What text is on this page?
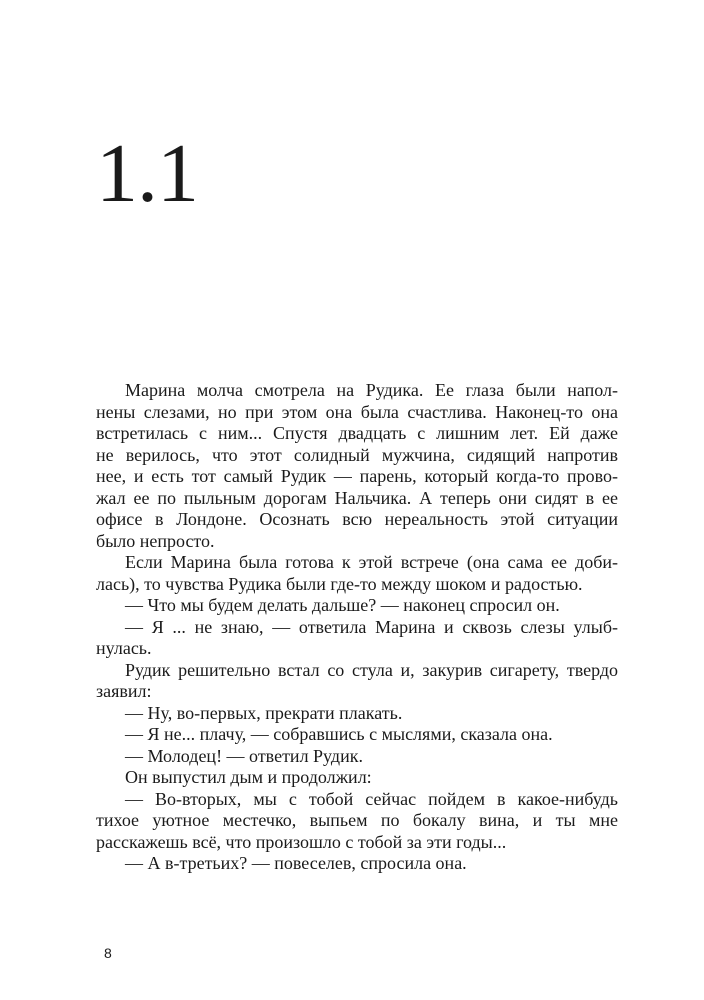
1.1
Марина молча смотрела на Рудика. Ее глаза были напол-
нены слезами, но при этом она была счастлива. Наконец-то она
встретилась с ним... Спустя двадцать с лишним лет. Ей даже
не верилось, что этот солидный мужчина, сидящий напротив
нее, и есть тот самый Рудик — парень, который когда-то прово-
жал ее по пыльным дорогам Нальчика. А теперь они сидят в ее
офисе в Лондоне. Осознать всю нереальность этой ситуации
было непросто.
Если Марина была готова к этой встрече (она сама ее доби-
лась), то чувства Рудика были где-то между шоком и радостью.
— Что мы будем делать дальше? — наконец спросил он.
— Я ... не знаю, — ответила Марина и сквозь слезы улыб-
нулась.
Рудик решительно встал со стула и, закурив сигарету, твердо
заявил:
— Ну, во-первых, прекрати плакать.
— Я не... плачу, — собравшись с мыслями, сказала она.
— Молодец! — ответил Рудик.
Он выпустил дым и продолжил:
— Во-вторых, мы с тобой сейчас пойдем в какое-нибудь
тихое уютное местечко, выпьем по бокалу вина, и ты мне
расскажешь всё, что произошло с тобой за эти годы...
— А в-третьих? — повеселев, спросила она.
8
